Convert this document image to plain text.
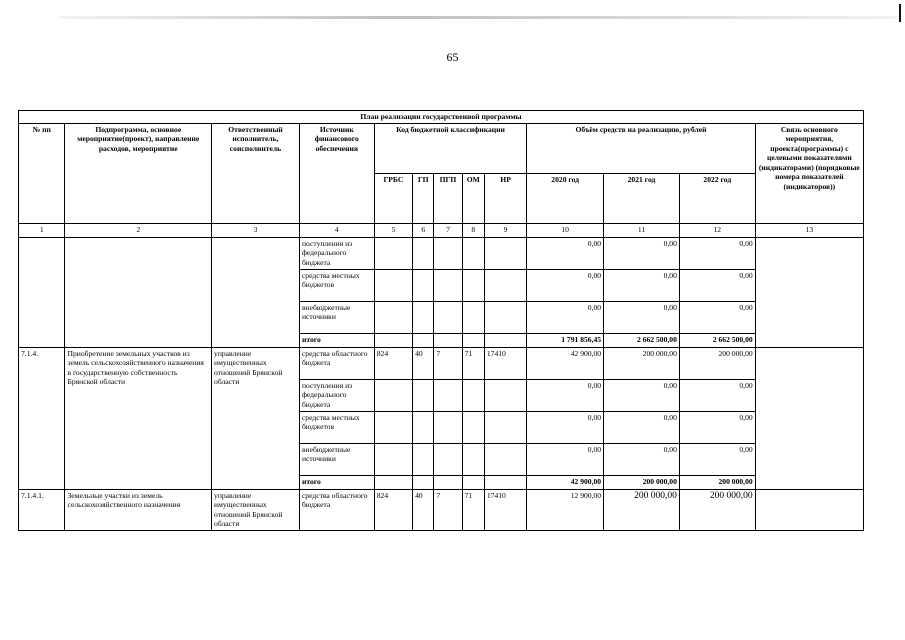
65
План реализации государственной программы												
№ пп	Подпрограмма, основное мероприятие(проект), направление расходов, мероприятие	Ответственный исполнитель, соисполнитель	Источник финансового обеспечения	Код бюджетной классификации					Объём средств на реализацию, рублей			Связь основного мероприятия, проекта(программы) с целевыми показателями (индикаторами) (порядковые номера показателей (индикаторов))
				ГРБС	ГП	ПГП	ОМ	НР	2020 год	2021 год	2022 год	
1	2	3	4	5	6	7	8	9	10	11	12	13
			поступления из федерального бюджета						0,00	0,00	0,00	
			средства местных бюджетов						0,00	0,00	0,00	
			внебюджетные источники						0,00	0,00	0,00	
			итого						1 791 856,45	2 662 500,00	2 662 500,00	
7.1.4.	Приобретение земельных участков из земель сельскохозяйственного назначения в государственную собственность Брянской области	управление имущественных отношений Брянской области	средства областного бюджета	824	40	7	71	17410	42 900,00	200 000,00	200 000,00	
			поступления из федерального бюджета						0,00	0,00	0,00	
			средства местных бюджетов						0,00	0,00	0,00	
			внебюджетные источники						0,00	0,00	0,00	
			итого						42 900,00	200 000,00	200 000,00	
7.1.4.1.	Земельные участки из земель сельскохозяйственного назначения	управление имущественных отношений Брянской области	средства областного бюджета	824	40	7	71	17410	12 900,00	200 000,00	200 000,00	
